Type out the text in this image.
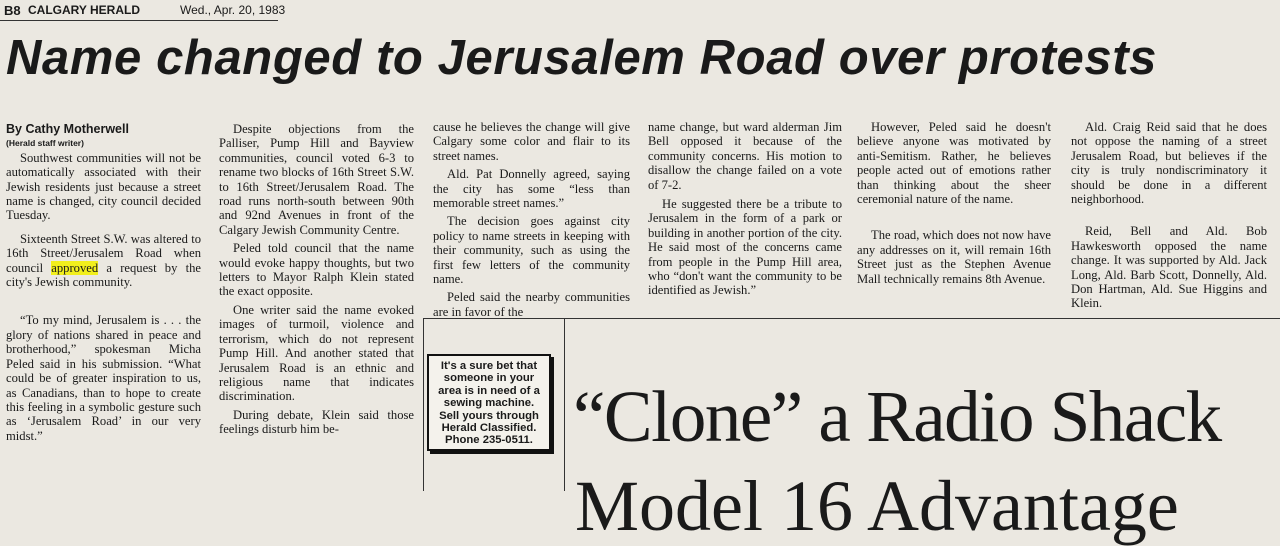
B8 CALGARY HERALD	Wed., Apr. 20, 1983
Name changed to Jerusalem Road over protests

By Cathy Motherwell

(Herald staff writer)

Southwest communities will not be automatically associated with their Jewish residents just because a street name is changed, city council decided Tuesday.

Sixteenth Street S.W. was altered to 16th Street/Jerusalem Road when council approved a request by the city's Jewish community.

“To my mind, Jerusalem is . . . the glory of nations shared in peace and brotherhood,” spokesman Micha Peled said in his submission. “What could be of greater inspiration to us, as Canadians, than to hope to create this feeling in a symbolic gesture such as ‘Jerusalem Road’ in our very midst.”

Despite objections from the Palliser, Pump Hill and Bayview communities, council voted 6-3 to rename two blocks of 16th Street S.W. to 16th Street/Jerusalem Road. The road runs north-south between 90th and 92nd Avenues in front of the Calgary Jewish Community Centre.

Peled told council that the name would evoke happy thoughts, but two letters to Mayor Ralph Klein stated the exact opposite.

One writer said the name evoked images of turmoil, violence and terrorism, which do not represent Pump Hill. And another stated that Jerusalem Road is an ethnic and religious name that indicates discrimination.

During debate, Klein said those feelings disturb him be-

cause he believes the change will give Calgary some color and flair to its street names.

Ald. Pat Donnelly agreed, saying the city has some “less than memorable street names.”

The decision goes against city policy to name streets in keeping with their community, such as using the first few letters of the community name.

Peled said the nearby communities are in favor of the

name change, but ward alderman Jim Bell opposed it because of the community concerns. His motion to disallow the change failed on a vote of 7-2.

He suggested there be a tribute to Jerusalem in the form of a park or building in another portion of the city. He said most of the concerns came from people in the Pump Hill area, who “don't want the community to be identified as Jewish.”

However, Peled said he doesn't believe anyone was motivated by anti-Semitism. Rather, he believes people acted out of emotions rather than thinking about the sheer ceremonial nature of the name.

The road, which does not now have any addresses on it, will remain 16th Street just as the Stephen Avenue Mall technically remains 8th Avenue.

Ald. Craig Reid said that he does not oppose the naming of a street Jerusalem Road, but believes if the city is truly nondiscriminatory it should be done in a different neighborhood.

Reid, Bell and Ald. Bob Hawkesworth opposed the name change. It was supported by Ald. Jack Long, Ald. Barb Scott, Donnelly, Ald. Don Hartman, Ald. Sue Higgins and Klein.

It's a sure bet that
someone in your
area is in need of a
sewing machine.
Sell yours through
Herald Classified.
Phone 235-0511. “Clone” a Radio Shack
Model 16 Advantage
